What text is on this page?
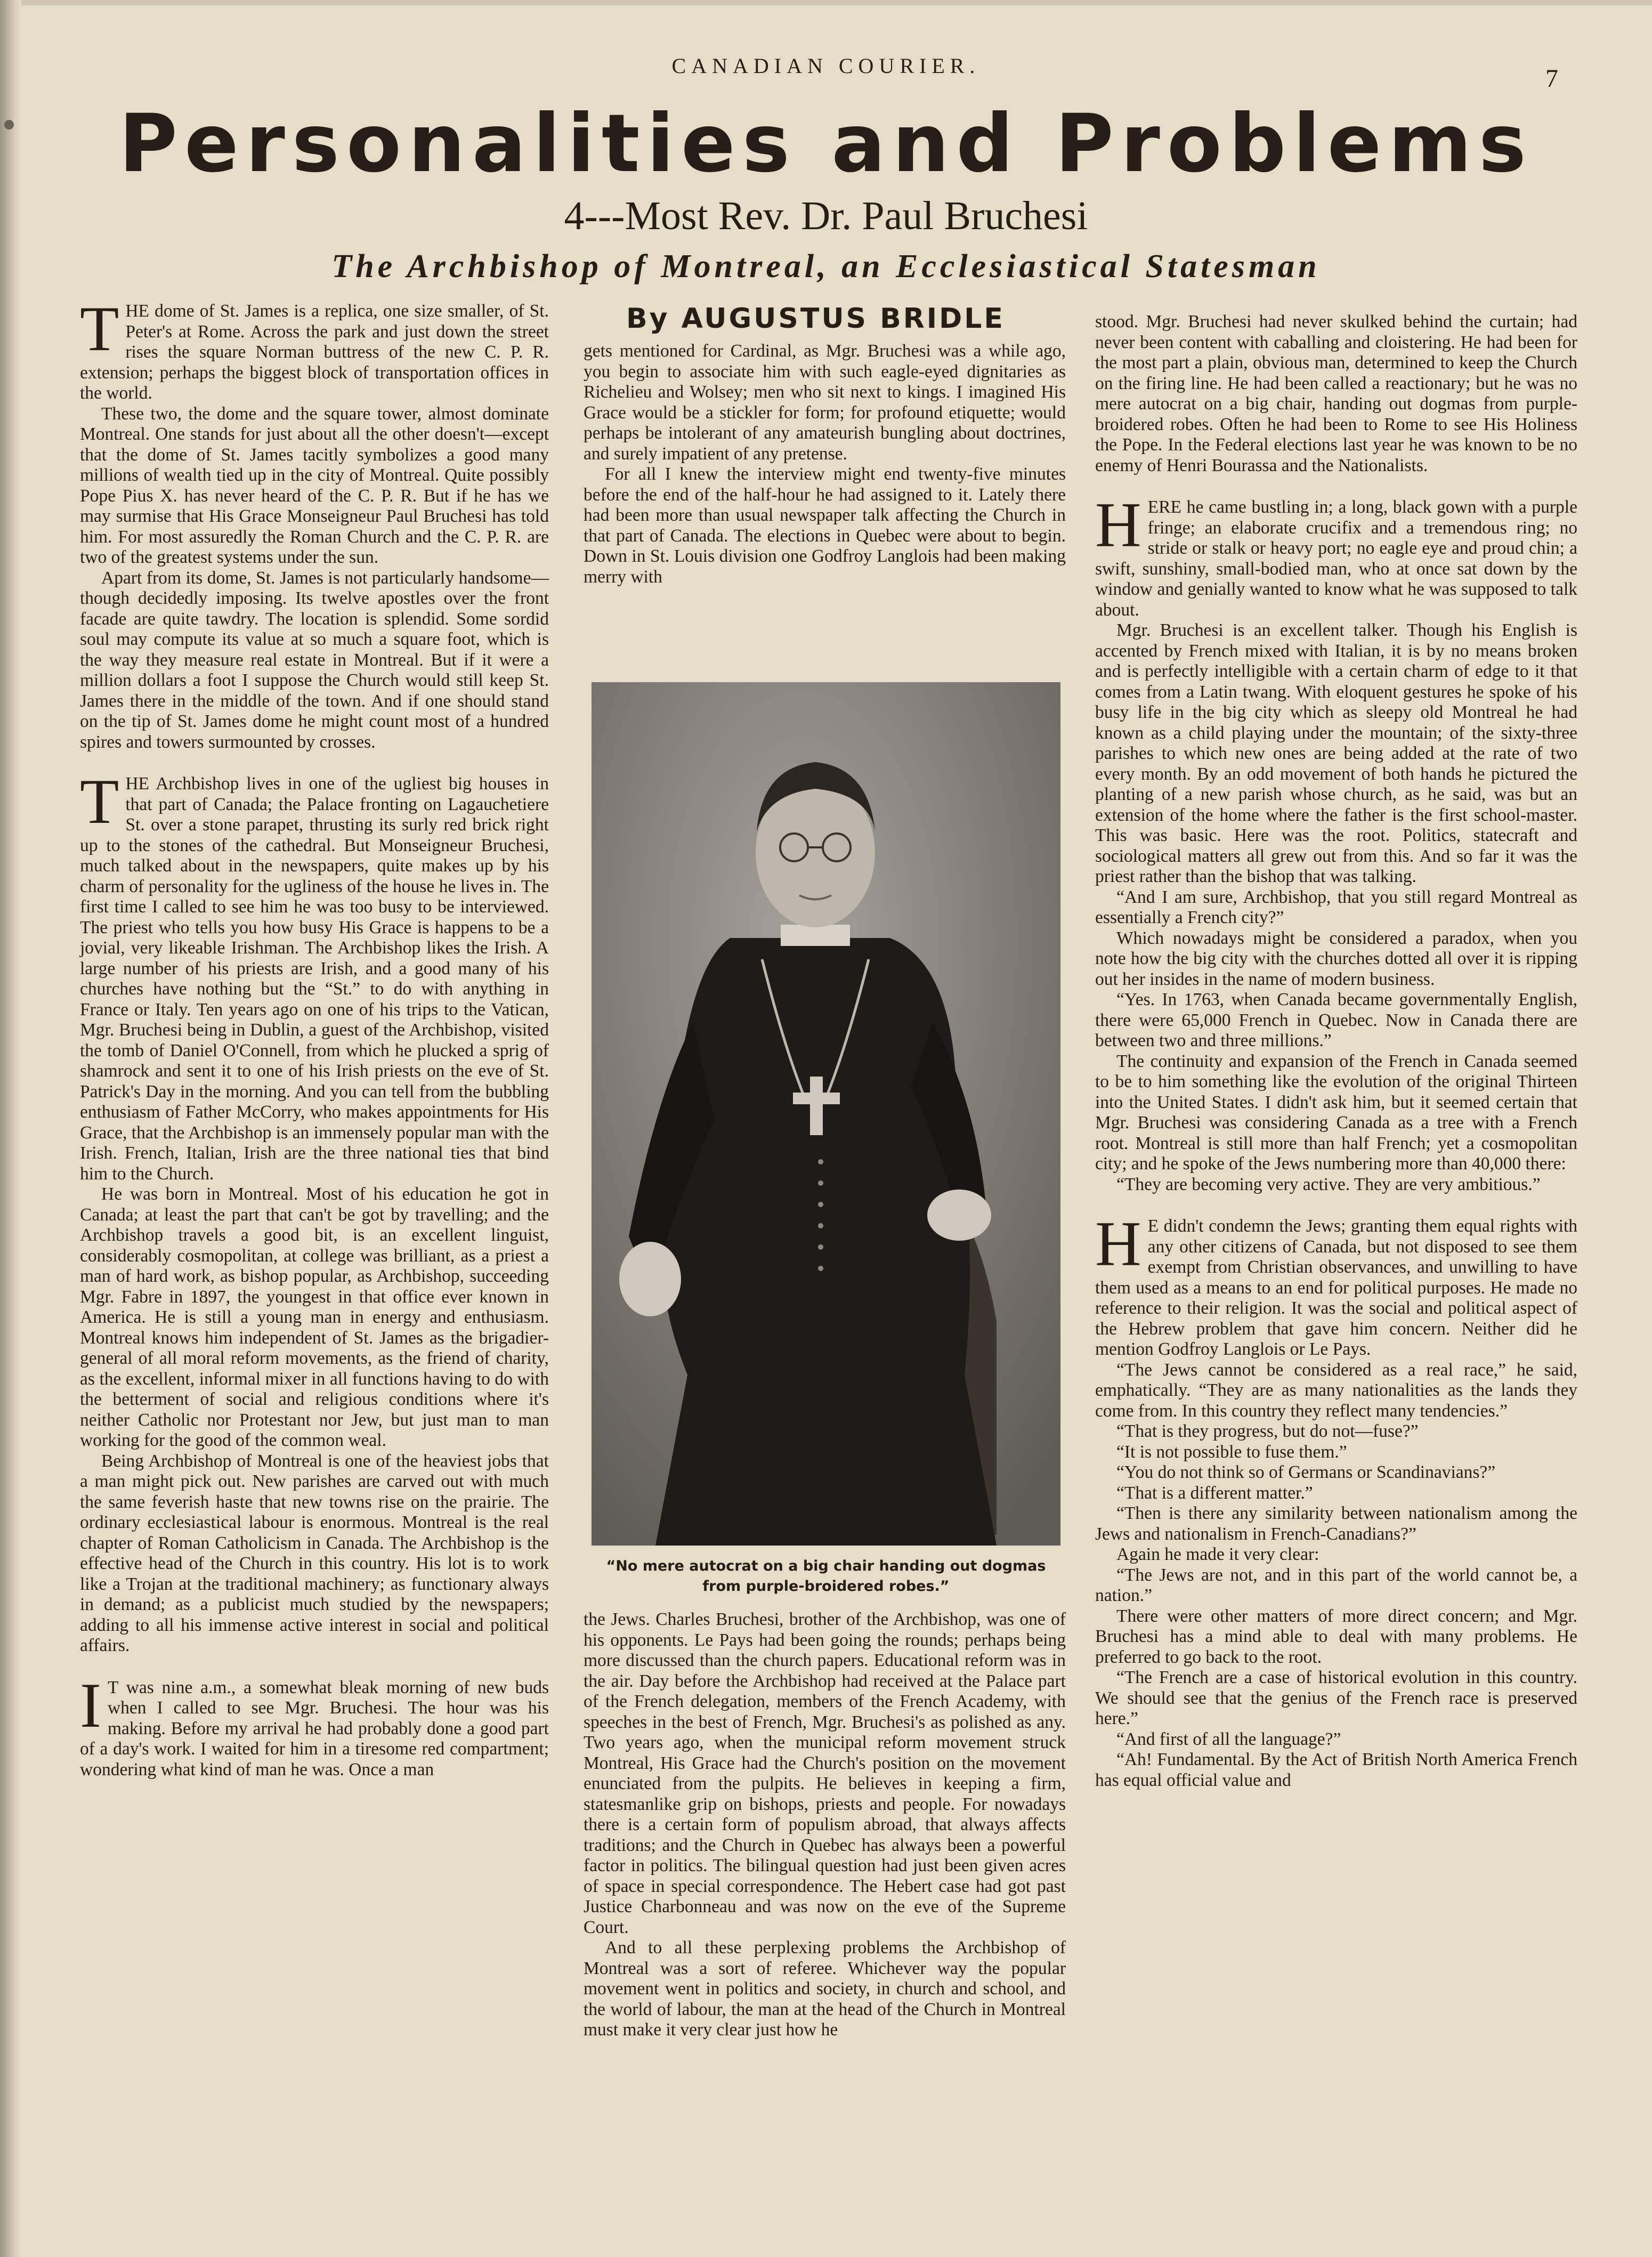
CANADIAN COURIER.	7
Personalities and Problems
4---Most Rev. Dr. Paul Bruchesi
The Archbishop of Montreal, an Ecclesiastical Statesman

THE dome of St. James is a replica, one size smaller, of St. Peter's at Rome. Across the park and just down the street rises the square Norman buttress of the new C. P. R. extension; perhaps the biggest block of transportation offices in the world.

These two, the dome and the square tower, almost dominate Montreal. One stands for just about all the other doesn't—except that the dome of St. James tacitly symbolizes a good many millions of wealth tied up in the city of Montreal. Quite possibly Pope Pius X. has never heard of the C. P. R. But if he has we may surmise that His Grace Monseigneur Paul Bruchesi has told him. For most assuredly the Roman Church and the C. P. R. are two of the greatest systems under the sun.

Apart from its dome, St. James is not particularly handsome—though decidedly imposing. Its twelve apostles over the front facade are quite tawdry. The location is splendid. Some sordid soul may compute its value at so much a square foot, which is the way they measure real estate in Montreal. But if it were a million dollars a foot I suppose the Church would still keep St. James there in the middle of the town. And if one should stand on the tip of St. James dome he might count most of a hundred spires and towers surmounted by crosses.

THE Archbishop lives in one of the ugliest big houses in that part of Canada; the Palace fronting on Lagauchetiere St. over a stone parapet, thrusting its surly red brick right up to the stones of the cathedral. But Monseigneur Bruchesi, much talked about in the newspapers, quite makes up by his charm of personality for the ugliness of the house he lives in. The first time I called to see him he was too busy to be interviewed. The priest who tells you how busy His Grace is happens to be a jovial, very likeable Irishman. The Archbishop likes the Irish. A large number of his priests are Irish, and a good many of his churches have nothing but the “St.” to do with anything in France or Italy. Ten years ago on one of his trips to the Vatican, Mgr. Bruchesi being in Dublin, a guest of the Archbishop, visited the tomb of Daniel O'Connell, from which he plucked a sprig of shamrock and sent it to one of his Irish priests on the eve of St. Patrick's Day in the morning. And you can tell from the bubbling enthusiasm of Father McCorry, who makes appointments for His Grace, that the Archbishop is an immensely popular man with the Irish. French, Italian, Irish are the three national ties that bind him to the Church.

He was born in Montreal. Most of his education he got in Canada; at least the part that can't be got by travelling; and the Archbishop travels a good bit, is an excellent linguist, considerably cosmopolitan, at college was brilliant, as a priest a man of hard work, as bishop popular, as Archbishop, succeeding Mgr. Fabre in 1897, the youngest in that office ever known in America. He is still a young man in energy and enthusiasm. Montreal knows him independent of St. James as the brigadier-general of all moral reform movements, as the friend of charity, as the excellent, informal mixer in all functions having to do with the betterment of social and religious conditions where it's neither Catholic nor Protestant nor Jew, but just man to man working for the good of the common weal.

Being Archbishop of Montreal is one of the heaviest jobs that a man might pick out. New parishes are carved out with much the same feverish haste that new towns rise on the prairie. The ordinary ecclesiastical labour is enormous. Montreal is the real chapter of Roman Catholicism in Canada. The Archbishop is the effective head of the Church in this country. His lot is to work like a Trojan at the traditional machinery; as functionary always in demand; as a publicist much studied by the newspapers; adding to all his immense active interest in social and political affairs.

I T was nine a.m., a somewhat bleak morning of new buds when I called to see Mgr. Bruchesi. The hour was his making. Before my arrival he had probably done a good part of a day's work. I waited for him in a tiresome red compartment; wondering what kind of man he was. Once a man

By AUGUSTUS BRIDLE

gets mentioned for Cardinal, as Mgr. Bruchesi was a while ago, you begin to associate him with such eagle-eyed dignitaries as Richelieu and Wolsey; men who sit next to kings. I imagined His Grace would be a stickler for form; for profound etiquette; would perhaps be intolerant of any amateurish bungling about doctrines, and surely impatient of any pretense.

For all I knew the interview might end twenty-five minutes before the end of the half-hour he had assigned to it. Lately there had been more than usual newspaper talk affecting the Church in that part of Canada. The elections in Quebec were about to begin. Down in St. Louis division one Godfroy Langlois had been making merry with

“No mere autocrat on a big chair handing out dogmas from purple-broidered robes.”

the Jews. Charles Bruchesi, brother of the Archbishop, was one of his opponents. Le Pays had been going the rounds; perhaps being more discussed than the church papers. Educational reform was in the air. Day before the Archbishop had received at the Palace part of the French delegation, members of the French Academy, with speeches in the best of French, Mgr. Bruchesi's as polished as any. Two years ago, when the municipal reform movement struck Montreal, His Grace had the Church's position on the movement enunciated from the pulpits. He believes in keeping a firm, statesmanlike grip on bishops, priests and people. For nowadays there is a certain form of populism abroad, that always affects traditions; and the Church in Quebec has always been a powerful factor in politics. The bilingual question had just been given acres of space in special correspondence. The Hebert case had got past Justice Charbonneau and was now on the eve of the Supreme Court.

And to all these perplexing problems the Archbishop of Montreal was a sort of referee. Whichever way the popular movement went in politics and society, in church and school, and the world of labour, the man at the head of the Church in Montreal must make it very clear just how he

stood. Mgr. Bruchesi had never skulked behind the curtain; had never been content with caballing and cloistering. He had been for the most part a plain, obvious man, determined to keep the Church on the firing line. He had been called a reactionary; but he was no mere autocrat on a big chair, handing out dogmas from purple-broidered robes. Often he had been to Rome to see His Holiness the Pope. In the Federal elections last year he was known to be no enemy of Henri Bourassa and the Nationalists.

HERE he came bustling in; a long, black gown with a purple fringe; an elaborate crucifix and a tremendous ring; no stride or stalk or heavy port; no eagle eye and proud chin; a swift, sunshiny, small-bodied man, who at once sat down by the window and genially wanted to know what he was supposed to talk about.

Mgr. Bruchesi is an excellent talker. Though his English is accented by French mixed with Italian, it is by no means broken and is perfectly intelligible with a certain charm of edge to it that comes from a Latin twang. With eloquent gestures he spoke of his busy life in the big city which as sleepy old Montreal he had known as a child playing under the mountain; of the sixty-three parishes to which new ones are being added at the rate of two every month. By an odd movement of both hands he pictured the planting of a new parish whose church, as he said, was but an extension of the home where the father is the first school-master. This was basic. Here was the root. Politics, statecraft and sociological matters all grew out from this. And so far it was the priest rather than the bishop that was talking.

“And I am sure, Archbishop, that you still regard Montreal as essentially a French city?”

Which nowadays might be considered a paradox, when you note how the big city with the churches dotted all over it is ripping out her insides in the name of modern business.

“Yes. In 1763, when Canada became governmentally English, there were 65,000 French in Quebec. Now in Canada there are between two and three millions.”

The continuity and expansion of the French in Canada seemed to be to him something like the evolution of the original Thirteen into the United States. I didn't ask him, but it seemed certain that Mgr. Bruchesi was considering Canada as a tree with a French root. Montreal is still more than half French; yet a cosmopolitan city; and he spoke of the Jews numbering more than 40,000 there:

“They are becoming very active. They are very ambitious.”

H E didn't condemn the Jews; granting them equal rights with any other citizens of Canada, but not disposed to see them exempt from Christian observances, and unwilling to have them used as a means to an end for political purposes. He made no reference to their religion. It was the social and political aspect of the Hebrew problem that gave him concern. Neither did he mention Godfroy Langlois or Le Pays.

“The Jews cannot be considered as a real race,” he said, emphatically. “They are as many nationalities as the lands they come from. In this country they reflect many tendencies.”

“That is they progress, but do not—fuse?”

“It is not possible to fuse them.”

“You do not think so of Germans or Scandinavians?”

“That is a different matter.”

“Then is there any similarity between nationalism among the Jews and nationalism in French-Canadians?”

Again he made it very clear:

“The Jews are not, and in this part of the world cannot be, a nation.”

There were other matters of more direct concern; and Mgr. Bruchesi has a mind able to deal with many problems. He preferred to go back to the root.

“The French are a case of historical evolution in this country. We should see that the genius of the French race is preserved here.”

“And first of all the language?”

“Ah! Fundamental. By the Act of British North America French has equal official value and
